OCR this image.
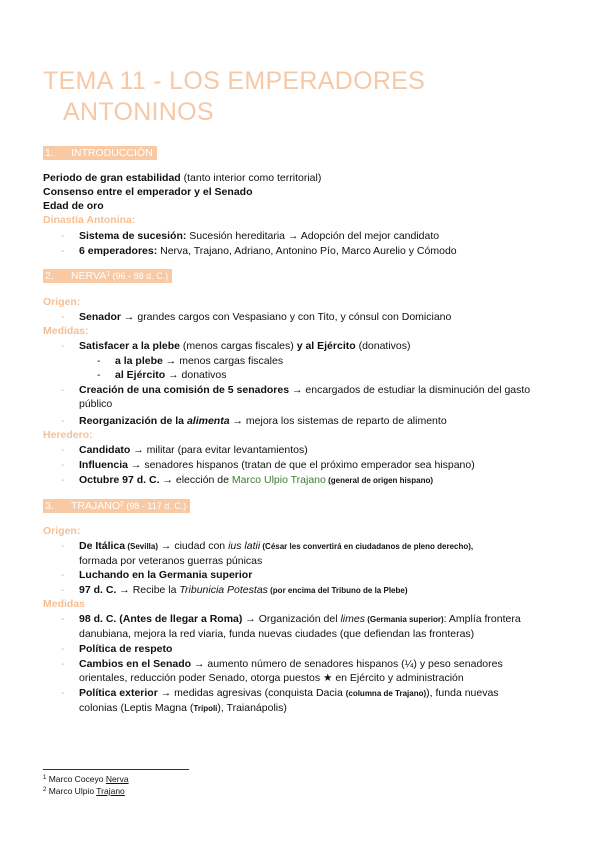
TEMA 11 - LOS EMPERADORES
ANTONINOS
1. INTRODUCCIÓN
Periodo de gran estabilidad (tanto interior como territorial)
Consenso entre el emperador y el Senado
Edad de oro
Dinastía Antonina:
-	Sistema de sucesión: Sucesión hereditaria → Adopción del mejor candidato
-	6 emperadores: Nerva, Trajano, Adriano, Antonino Pío, Marco Aurelio y Cómodo
2. NERVA$^1$ (96 - 98 d. C.)
Origen:
-	Senador → grandes cargos con Vespasiano y con Tito, y cónsul con Domiciano
Medidas:
-	Satisfacer a la plebe (menos cargas fiscales) y al Ejército (donativos)
- a la plebe → menos cargas fiscales
- al Ejército → donativos
-	Creación de una comisión de 5 senadores → encargados de estudiar la disminución del gasto público
-	Reorganización de la alimenta → mejora los sistemas de reparto de alimento
Heredero:
-	Candidato → militar (para evitar levantamientos)
-	Influencia → senadores hispanos (tratan de que el próximo emperador sea hispano)
-	Octubre 97 d. C. → elección de Marco Ulpio Trajano (general de origen hispano)
3. TRAJANO$^2$ (98 - 117 d. C.)
Origen:
-	De Itálica (Sevilla) → ciudad con ius latii (César les convertirá en ciudadanos de pleno derecho),
formada por veteranos guerras púnicas
-	Luchando en la Germania superior
-	97 d. C. → Recibe la Tribunicia Potestas (por encima del Tribuno de la Plebe)
Medidas
-	98 d. C. (Antes de llegar a Roma) → Organización del limes (Germania superior): Amplía frontera
danubiana, mejora la red viaria, funda nuevas ciudades (que defiendan las fronteras)
-	Política de respeto
-	Cambios en el Senado → aumento número de senadores hispanos (¼) y peso senadores
orientales, reducción poder Senado, otorga puestos ★ en Ejército y administración
-	Política exterior → medidas agresivas (conquista Dacia (columna de Trajano)), funda nuevas
colonias (Leptis Magna (Trípoli), Traianápolis)
$^1$ Marco Coceyo Nerva
$^2$ Marco Ulpio Trajano
